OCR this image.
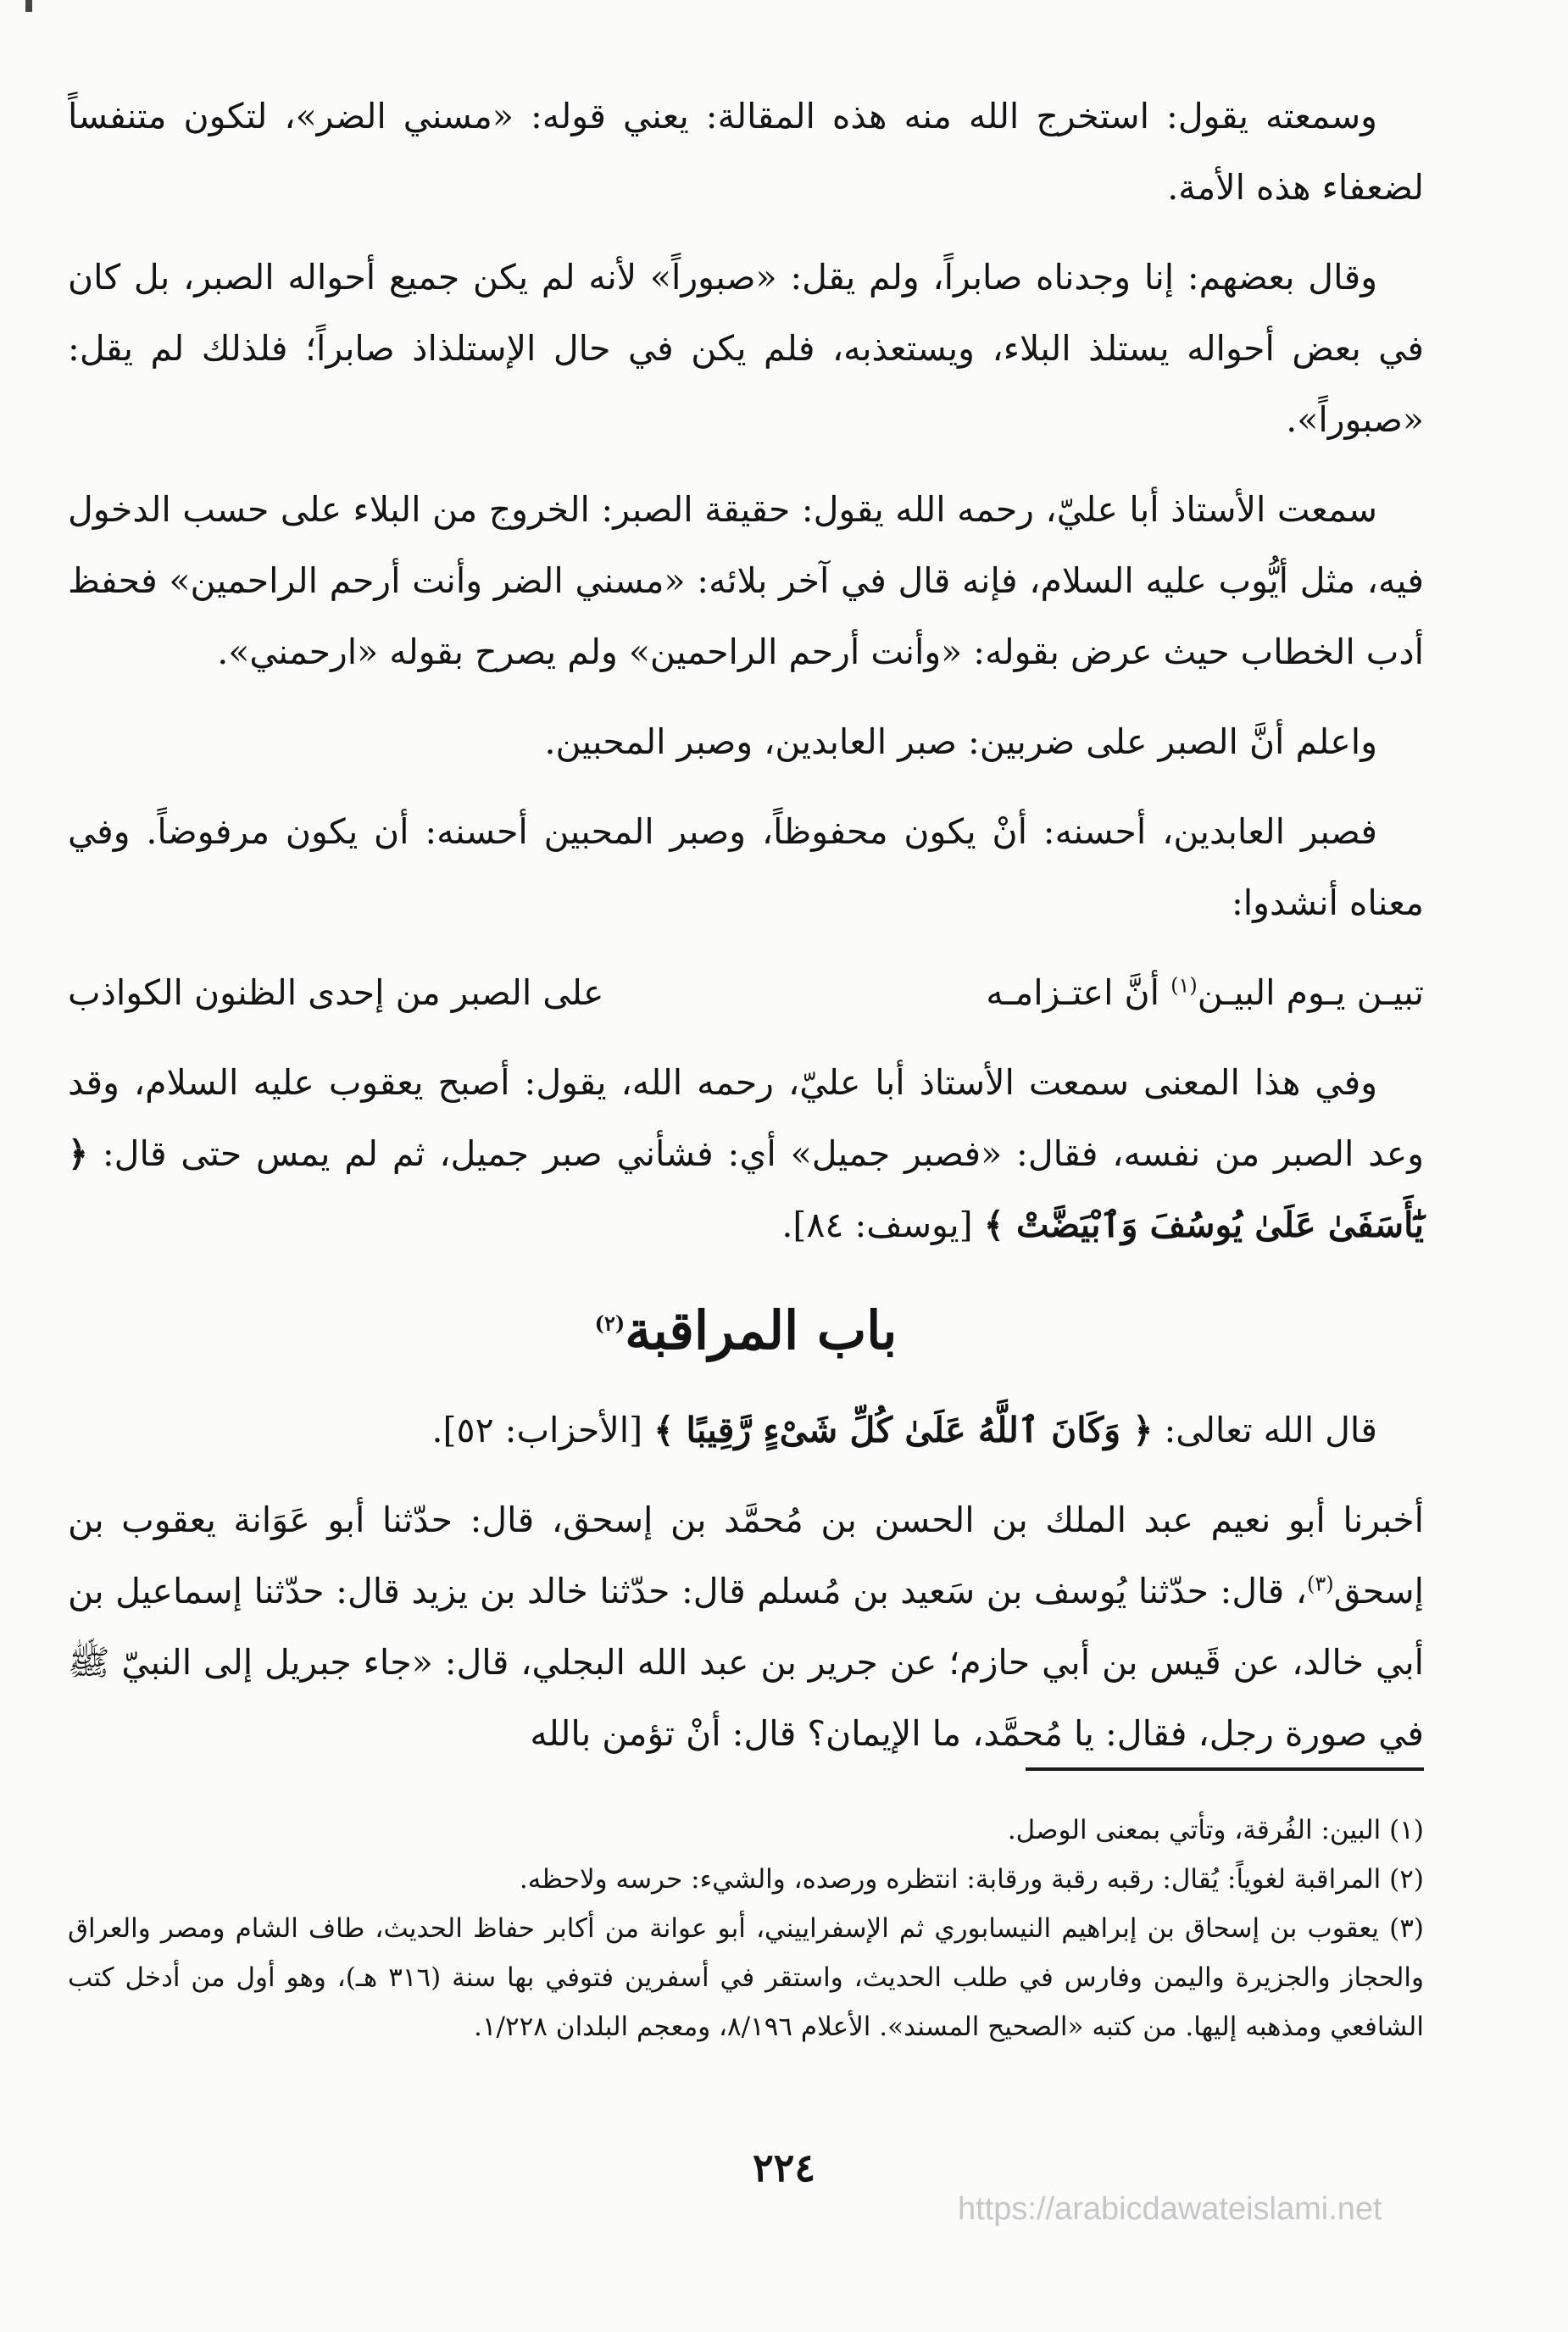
وسمعته يقول: استخرج الله منه هذه المقالة: يعني قوله: «مسني الضر»، لتكون متنفساً لضعفاء هذه الأمة.

وقال بعضهم: إنا وجدناه صابراً، ولم يقل: «صبوراً» لأنه لم يكن جميع أحواله الصبر، بل كان في بعض أحواله يستلذ البلاء، ويستعذبه، فلم يكن في حال الإستلذاذ صابراً؛ فلذلك لم يقل: «صبوراً».

سمعت الأستاذ أبا عليّ، رحمه الله يقول: حقيقة الصبر: الخروج من البلاء على حسب الدخول فيه، مثل أيُّوب عليه السلام، فإنه قال في آخر بلائه: «مسني الضر وأنت أرحم الراحمين» فحفظ أدب الخطاب حيث عرض بقوله: «وأنت أرحم الراحمين» ولم يصرح بقوله «ارحمني».

واعلم أنَّ الصبر على ضربين: صبر العابدين، وصبر المحبين.

فصبر العابدين، أحسنه: أنْ يكون محفوظاً، وصبر المحبين أحسنه: أن يكون مرفوضاً. وفي معناه أنشدوا:

تبيـن يـوم البيـن$^{(١)}$ أنَّ اعتـزامـه
على الصبر من إحدى الظنون الكواذب

وفي هذا المعنى سمعت الأستاذ أبا عليّ، رحمه الله، يقول: أصبح يعقوب عليه السلام، وقد وعد الصبر من نفسه، فقال: «فصبر جميل» أي: فشأني صبر جميل، ثم لم يمس حتى قال: ﴿ يَٰٓأَسَفَىٰ عَلَىٰ يُوسُفَ وَٱبْيَضَّتْ ﴾ [يوسف: ٨٤].

باب المراقبة$^{(٢)}$

قال الله تعالى: ﴿ وَكَانَ ٱللَّهُ عَلَىٰ كُلِّ شَىْءٍ رَّقِيبًا ﴾ [الأحزاب: ٥٢].

أخبرنا أبو نعيم عبد الملك بن الحسن بن مُحمَّد بن إسحق، قال: حدّثنا أبو عَوَانة يعقوب بن إسحق$^{(٣)}$، قال: حدّثنا يُوسف بن سَعيد بن مُسلم قال: حدّثنا خالد بن يزيد قال: حدّثنا إسماعيل بن أبي خالد، عن قَيس بن أبي حازم؛ عن جرير بن عبد الله البجلي، قال: «جاء جبريل إلى النبيّ ﷺ في صورة رجل، فقال: يا مُحمَّد، ما الإيمان؟ قال: أنْ تؤمن بالله

(١) البين: الفُرقة، وتأتي بمعنى الوصل.

(٢) المراقبة لغوياً: يُقال: رقبه رقبة ورقابة: انتظره ورصده، والشيء: حرسه ولاحظه.

(٣) يعقوب بن إسحاق بن إبراهيم النيسابوري ثم الإسفراييني، أبو عوانة من أكابر حفاظ الحديث، طاف الشام ومصر والعراق والحجاز والجزيرة واليمن وفارس في طلب الحديث، واستقر في أسفرين فتوفي بها سنة (٣١٦ هـ)، وهو أول من أدخل كتب الشافعي ومذهبه إليها. من كتبه «الصحيح المسند». الأعلام ٨/١٩٦، ومعجم البلدان ١/٢٢٨.

٢٢٤
https://arabicdawateislami.net
